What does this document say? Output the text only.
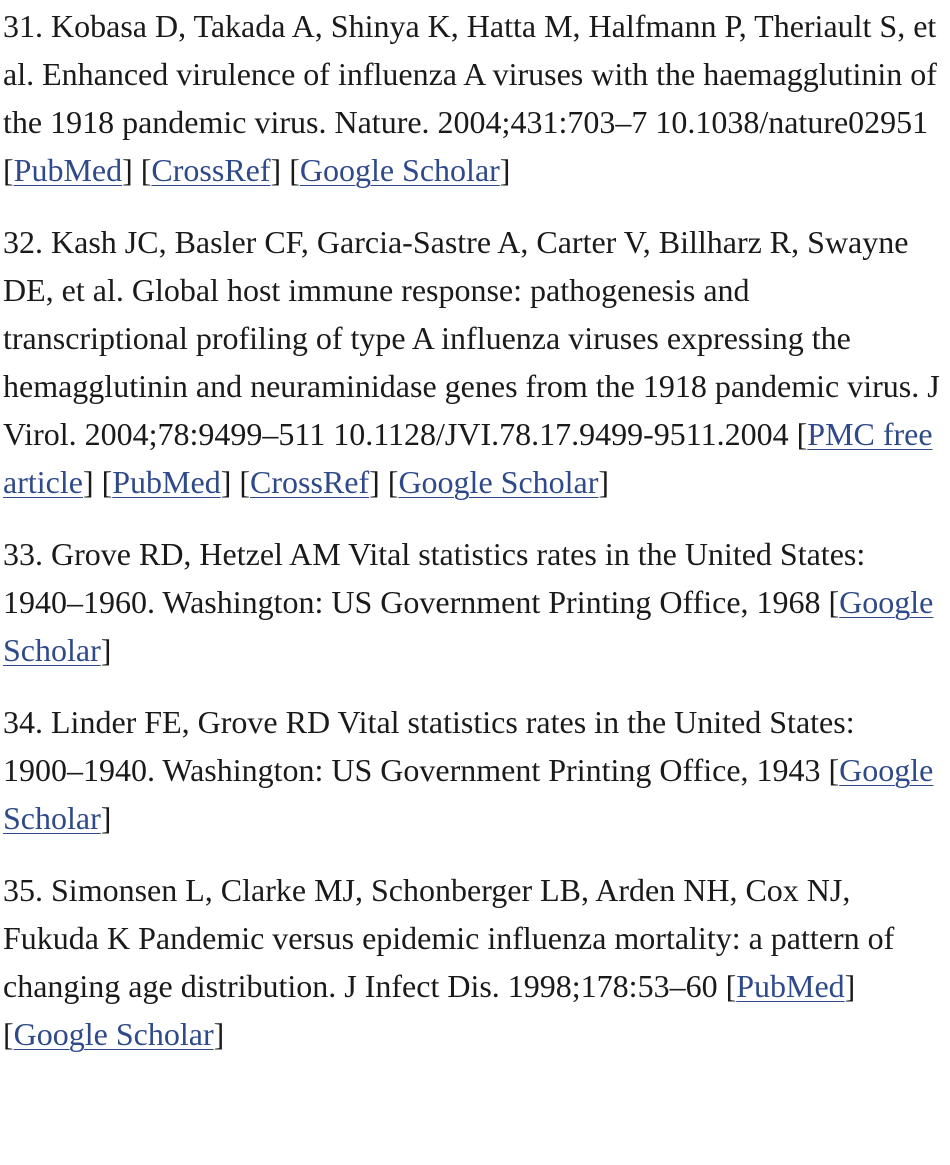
31. Kobasa D, Takada A, Shinya K, Hatta M, Halfmann P, Theriault S, et al. Enhanced virulence of influenza A viruses with the haemagglutinin of the 1918 pandemic virus. Nature. 2004;431:703–7 10.1038/nature02951 [PubMed] [CrossRef] [Google Scholar]

32. Kash JC, Basler CF, Garcia-Sastre A, Carter V, Billharz R, Swayne DE, et al. Global host immune response: pathogenesis and transcriptional profiling of type A influenza viruses expressing the hemagglutinin and neuraminidase genes from the 1918 pandemic virus. J Virol. 2004;78:9499–511 10.1128/JVI.78.17.9499-9511.2004 [PMC free article] [PubMed] [CrossRef] [Google Scholar]

33. Grove RD, Hetzel AM Vital statistics rates in the United States: 1940–1960. Washington: US Government Printing Office, 1968 [Google Scholar]

34. Linder FE, Grove RD Vital statistics rates in the United States: 1900–1940. Washington: US Government Printing Office, 1943 [Google Scholar]

35. Simonsen L, Clarke MJ, Schonberger LB, Arden NH, Cox NJ, Fukuda K Pandemic versus epidemic influenza mortality: a pattern of changing age distribution. J Infect Dis. 1998;178:53–60 [PubMed] [Google Scholar]
